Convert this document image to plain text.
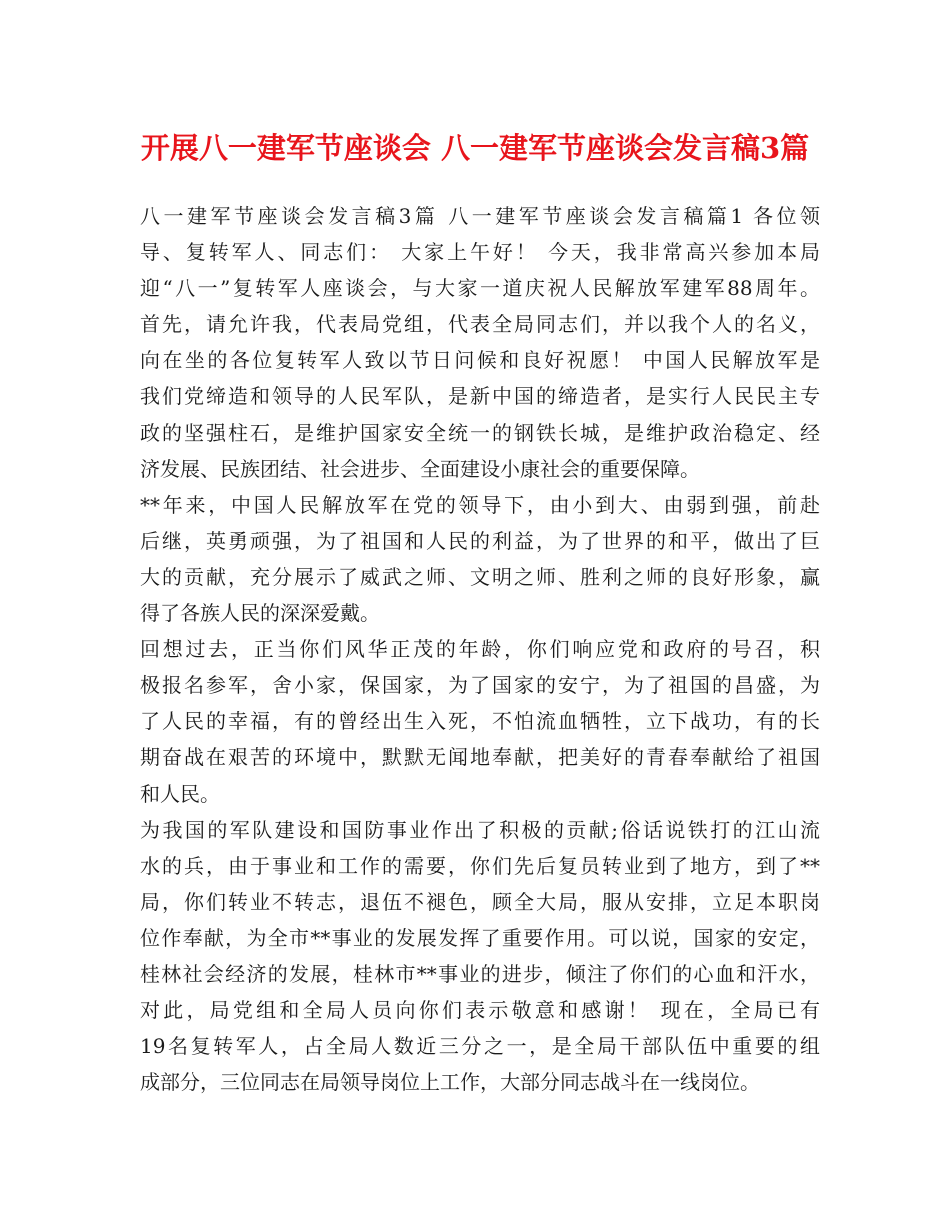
开展八一建军节座谈会 八一建军节座谈会发言稿3篇
八一建军节座谈会发言稿3篇 八一建军节座谈会发言稿篇1 各位领
导、复转军人、同志们： 大家上午好！ 今天，我非常高兴参加本局
迎“八一”复转军人座谈会，与大家一道庆祝人民解放军建军88周年。
首先，请允许我，代表局党组，代表全局同志们，并以我个人的名义，
向在坐的各位复转军人致以节日问候和良好祝愿！ 中国人民解放军是
我们党缔造和领导的人民军队，是新中国的缔造者，是实行人民民主专
政的坚强柱石，是维护国家安全统一的钢铁长城，是维护政治稳定、经
济发展、民族团结、社会进步、全面建设小康社会的重要保障。
**年来，中国人民解放军在党的领导下，由小到大、由弱到强，前赴
后继，英勇顽强，为了祖国和人民的利益，为了世界的和平，做出了巨
大的贡献，充分展示了威武之师、文明之师、胜利之师的良好形象，赢
得了各族人民的深深爱戴。
回想过去，正当你们风华正茂的年龄，你们响应党和政府的号召，积
极报名参军，舍小家，保国家，为了国家的安宁，为了祖国的昌盛，为
了人民的幸福，有的曾经出生入死，不怕流血牺牲，立下战功，有的长
期奋战在艰苦的环境中，默默无闻地奉献，把美好的青春奉献给了祖国
和人民。
为我国的军队建设和国防事业作出了积极的贡献;俗话说铁打的江山流
水的兵，由于事业和工作的需要，你们先后复员转业到了地方，到了**
局，你们转业不转志，退伍不褪色，顾全大局，服从安排，立足本职岗
位作奉献，为全市**事业的发展发挥了重要作用。可以说，国家的安定，
桂林社会经济的发展，桂林市**事业的进步，倾注了你们的心血和汗水，
对此，局党组和全局人员向你们表示敬意和感谢！ 现在，全局已有
19名复转军人，占全局人数近三分之一，是全局干部队伍中重要的组
成部分，三位同志在局领导岗位上工作，大部分同志战斗在一线岗位。
